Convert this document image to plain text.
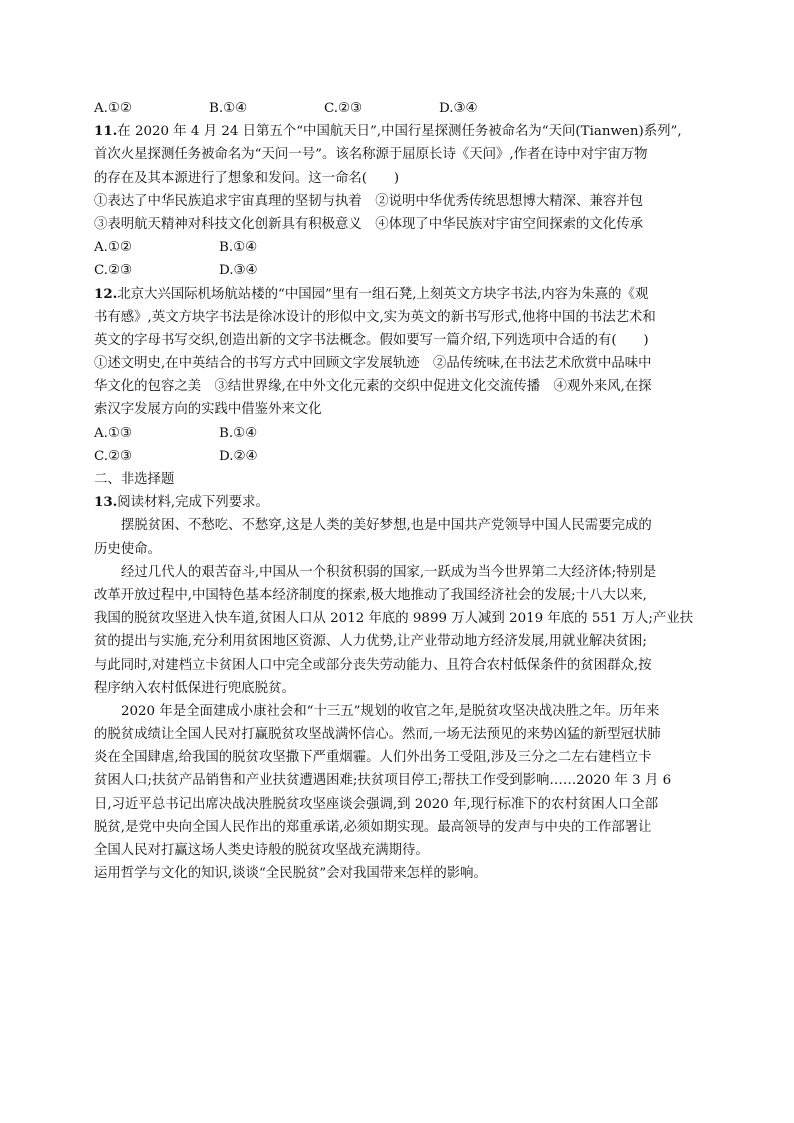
A.①②	B.①④	C.②③	D.③④
11.在 2020 年 4 月 24 日第五个“中国航天日”,中国行星探测任务被命名为“天问(Tianwen)系列”,
首次火星探测任务被命名为“天问一号”。该名称源于屈原长诗《天问》,作者在诗中对宇宙万物
的存在及其本源进行了想象和发问。这一命名(　　)
①表达了中华民族追求宇宙真理的坚韧与执着　②说明中华优秀传统思想博大精深、兼容并包
③表明航天精神对科技文化创新具有积极意义　④体现了中华民族对宇宙空间探索的文化传承
A.①②	B.①④
C.②③	D.③④
12.北京大兴国际机场航站楼的“中国园”里有一组石凳,上刻英文方块字书法,内容为朱熹的《观
书有感》,英文方块字书法是徐冰设计的形似中文,实为英文的新书写形式,他将中国的书法艺术和
英文的字母书写交织,创造出新的文字书法概念。假如要写一篇介绍,下列选项中合适的有(　　)
①述文明史,在中英结合的书写方式中回顾文字发展轨迹　②品传统味,在书法艺术欣赏中品味中
华文化的包容之美　③结世界缘,在中外文化元素的交织中促进文化交流传播　④观外来风,在探
索汉字发展方向的实践中借鉴外来文化
A.①③	B.①④
C.②③	D.②④
二、非选择题
13.阅读材料,完成下列要求。
摆脱贫困、不愁吃、不愁穿,这是人类的美好梦想,也是中国共产党领导中国人民需要完成的
历史使命。
经过几代人的艰苦奋斗,中国从一个积贫积弱的国家,一跃成为当今世界第二大经济体;特别是
改革开放过程中,中国特色基本经济制度的探索,极大地推动了我国经济社会的发展;十八大以来,
我国的脱贫攻坚进入快车道,贫困人口从 2012 年底的 9899 万人减到 2019 年底的 551 万人;产业扶
贫的提出与实施,充分利用贫困地区资源、人力优势,让产业带动地方经济发展,用就业解决贫困;
与此同时,对建档立卡贫困人口中完全或部分丧失劳动能力、且符合农村低保条件的贫困群众,按
程序纳入农村低保进行兜底脱贫。
2020 年是全面建成小康社会和“十三五”规划的收官之年,是脱贫攻坚决战决胜之年。历年来
的脱贫成绩让全国人民对打赢脱贫攻坚战满怀信心。然而,一场无法预见的来势凶猛的新型冠状肺
炎在全国肆虐,给我国的脱贫攻坚撒下严重烟霾。人们外出务工受阻,涉及三分之二左右建档立卡
贫困人口;扶贫产品销售和产业扶贫遭遇困难;扶贫项目停工;帮扶工作受到影响……2020 年 3 月 6
日,习近平总书记出席决战决胜脱贫攻坚座谈会强调,到 2020 年,现行标准下的农村贫困人口全部
脱贫,是党中央向全国人民作出的郑重承诺,必须如期实现。最高领导的发声与中央的工作部署让
全国人民对打赢这场人类史诗般的脱贫攻坚战充满期待。
运用哲学与文化的知识,谈谈“全民脱贫”会对我国带来怎样的影响。
